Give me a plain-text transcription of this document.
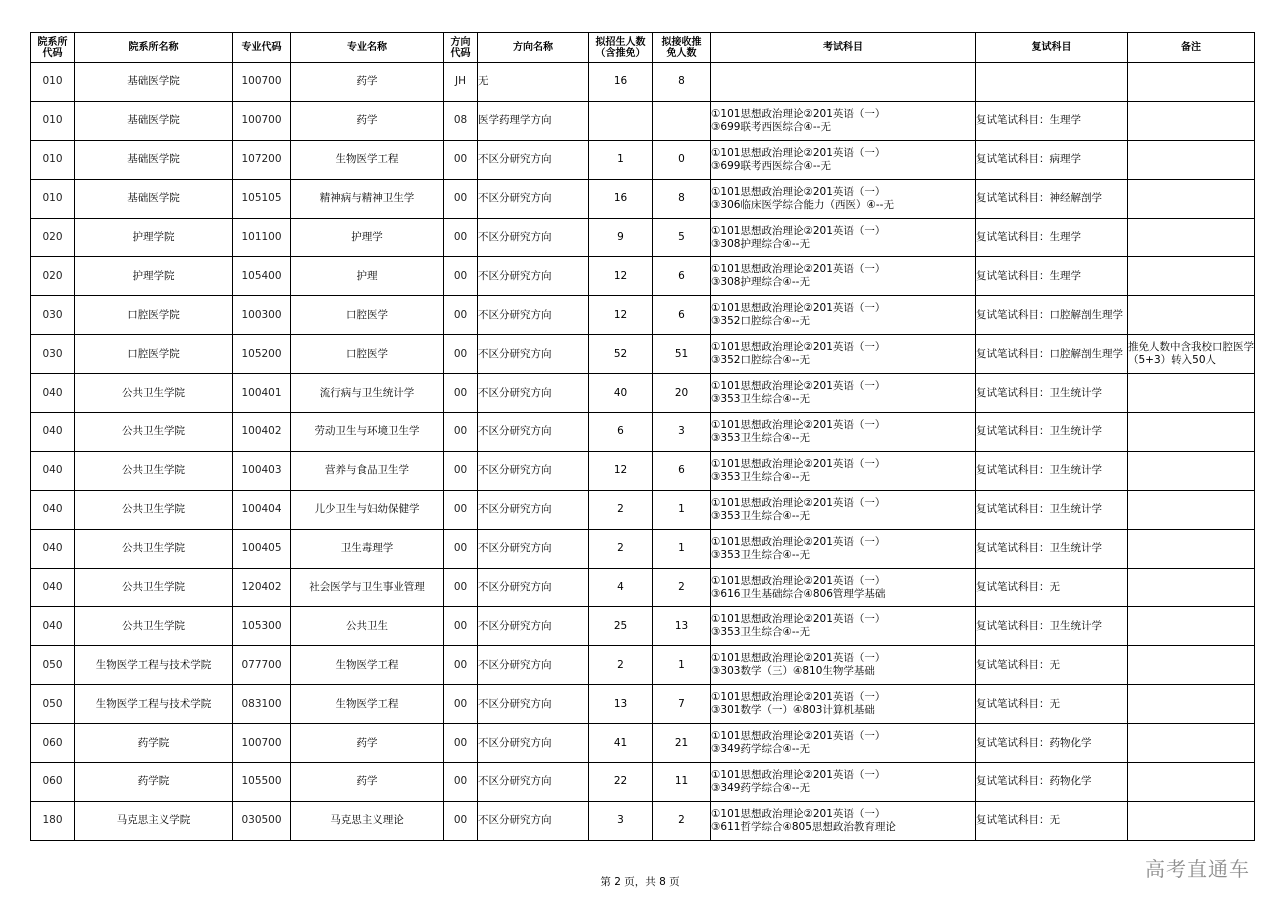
院系所代码	院系所名称	专业代码	专业名称	方向代码	方向名称	拟招生人数（含推免）	拟接收推免人数	考试科目	复试科目	备注
010	基础医学院	100700	药学	JH	无	16	8	

010	基础医学院	100700	药学	08	医学药理学方向			①101思想政治理论②201英语（一）
③699联考西医综合④--无	复试笔试科目：生理学	
010	基础医学院	107200	生物医学工程	00	不区分研究方向	1	0	①101思想政治理论②201英语（一）
③699联考西医综合④--无	复试笔试科目：病理学	
010	基础医学院	105105	精神病与精神卫生学	00	不区分研究方向	16	8	①101思想政治理论②201英语（一）
③306临床医学综合能力（西医）④--无	复试笔试科目：神经解剖学	
020	护理学院	101100	护理学	00	不区分研究方向	9	5	①101思想政治理论②201英语（一）
③308护理综合④--无	复试笔试科目：生理学	
020	护理学院	105400	护理	00	不区分研究方向	12	6	①101思想政治理论②201英语（一）
③308护理综合④--无	复试笔试科目：生理学	
030	口腔医学院	100300	口腔医学	00	不区分研究方向	12	6	①101思想政治理论②201英语（一）
③352口腔综合④--无	复试笔试科目：口腔解剖生理学	
030	口腔医学院	105200	口腔医学	00	不区分研究方向	52	51	①101思想政治理论②201英语（一）
③352口腔综合④--无	复试笔试科目：口腔解剖生理学	推免人数中含我校口腔医学（5+3）转入50人
040	公共卫生学院	100401	流行病与卫生统计学	00	不区分研究方向	40	20	①101思想政治理论②201英语（一）
③353卫生综合④--无	复试笔试科目：卫生统计学	
040	公共卫生学院	100402	劳动卫生与环境卫生学	00	不区分研究方向	6	3	①101思想政治理论②201英语（一）
③353卫生综合④--无	复试笔试科目：卫生统计学	
040	公共卫生学院	100403	营养与食品卫生学	00	不区分研究方向	12	6	①101思想政治理论②201英语（一）
③353卫生综合④--无	复试笔试科目：卫生统计学	
040	公共卫生学院	100404	儿少卫生与妇幼保健学	00	不区分研究方向	2	1	①101思想政治理论②201英语（一）
③353卫生综合④--无	复试笔试科目：卫生统计学	
040	公共卫生学院	100405	卫生毒理学	00	不区分研究方向	2	1	①101思想政治理论②201英语（一）
③353卫生综合④--无	复试笔试科目：卫生统计学	
040	公共卫生学院	120402	社会医学与卫生事业管理	00	不区分研究方向	4	2	①101思想政治理论②201英语（一）
③616卫生基础综合④806管理学基础	复试笔试科目：无	
040	公共卫生学院	105300	公共卫生	00	不区分研究方向	25	13	①101思想政治理论②201英语（一）
③353卫生综合④--无	复试笔试科目：卫生统计学	
050	生物医学工程与技术学院	077700	生物医学工程	00	不区分研究方向	2	1	①101思想政治理论②201英语（一）
③303数学（三）④810生物学基础	复试笔试科目：无	
050	生物医学工程与技术学院	083100	生物医学工程	00	不区分研究方向	13	7	①101思想政治理论②201英语（一）
③301数学（一）④803计算机基础	复试笔试科目：无	
060	药学院	100700	药学	00	不区分研究方向	41	21	①101思想政治理论②201英语（一）
③349药学综合④--无	复试笔试科目：药物化学	
060	药学院	105500	药学	00	不区分研究方向	22	11	①101思想政治理论②201英语（一）
③349药学综合④--无	复试笔试科目：药物化学	
180	马克思主义学院	030500	马克思主义理论	00	不区分研究方向	3	2	①101思想政治理论②201英语（一）
③611哲学综合④805思想政治教育理论	复试笔试科目：无	
第 2 页，共 8 页
高考直通车
